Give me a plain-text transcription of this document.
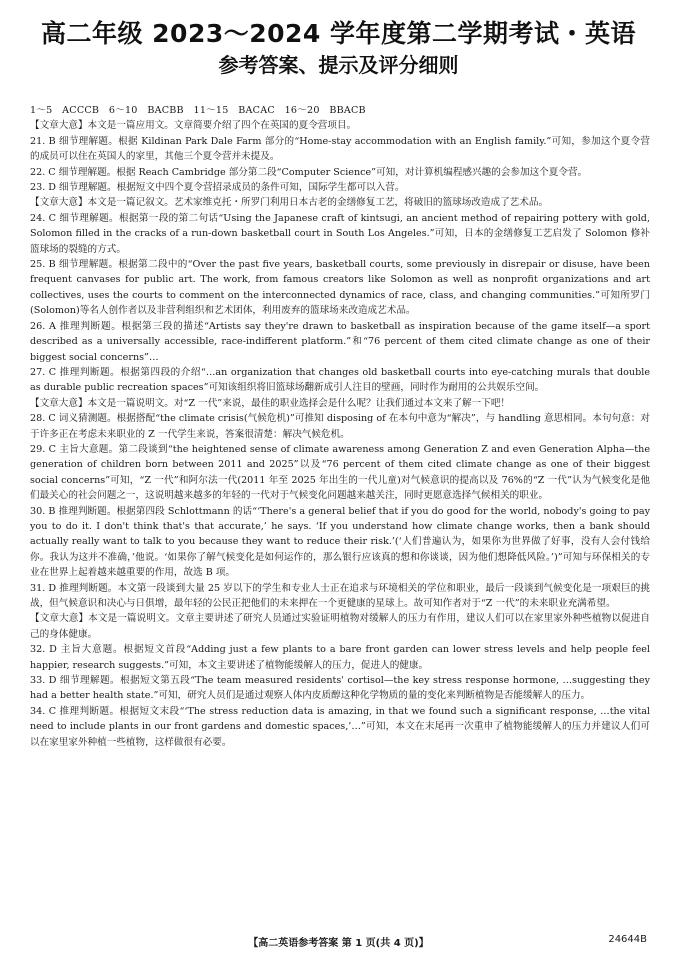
高二年级 2023～2024 学年度第二学期考试・英语
参考答案、提示及评分细则

1～5   ACCCB   6～10   BACBB   11～15   BACAC   16～20   BBACB

【文章大意】本文是一篇应用文。文章简要介绍了四个在英国的夏令营项目。

21. B 细节理解题。根据 Kildinan Park Dale Farm 部分的“Home-stay accommodation with an English family.”可知，参加这个夏令营的成员可以住在英国人的家里，其他三个夏令营并未提及。

22. C 细节理解题。根据 Reach Cambridge 部分第二段“Computer Science”可知，对计算机编程感兴趣的会参加这个夏令营。

23. D 细节理解题。根据短文中四个夏令营招录成员的条件可知，国际学生都可以入营。

【文章大意】本文是一篇记叙文。艺术家维克托・所罗门利用日本古老的金缮修复工艺，将破旧的篮球场改造成了艺术品。

24. C 细节理解题。根据第一段的第二句话“Using the Japanese craft of kintsugi, an ancient method of repairing pottery with gold, Solomon filled in the cracks of a run-down basketball court in South Los Angeles.”可知，日本的金缮修复工艺启发了 Solomon 修补篮球场的裂缝的方式。

25. B 细节理解题。根据第二段中的“Over the past five years, basketball courts, some previously in disrepair or disuse, have been frequent canvases for public art. The work, from famous creators like Solomon as well as nonprofit organizations and art collectives, uses the courts to comment on the interconnected dynamics of race, class, and changing communities.”可知所罗门(Solomon)等名人创作者以及非营利组织和艺术团体，利用废弃的篮球场来改造成艺术品。

26. A 推理判断题。根据第三段的描述“Artists say they're drawn to basketball as inspiration because of the game itself—a sport described as a universally accessible, race-indifferent platform.”和“76 percent of them cited climate change as one of their biggest social concerns”…

27. C 推理判断题。根据第四段的介绍“…an organization that changes old basketball courts into eye-catching murals that double as durable public recreation spaces”可知该组织将旧篮球场翻新成引人注目的壁画，同时作为耐用的公共娱乐空间。

【文章大意】本文是一篇说明文。对“Z 一代”来说，最佳的职业选择会是什么呢？让我们通过本文来了解一下吧！

28. C 词义猜测题。根据搭配“the climate crisis(气候危机)”可推知 disposing of 在本句中意为“解决”，与 handling 意思相同。本句句意：对于许多正在考虑未来职业的 Z 一代学生来说，答案很清楚：解决气候危机。

29. C 主旨大意题。第二段谈到“the heightened sense of climate awareness among Generation Z and even Generation Alpha—the generation of children born between 2011 and 2025”以及“76 percent of them cited climate change as one of their biggest social concerns”可知，“Z 一代”和阿尔法一代(2011 年至 2025 年出生的一代儿童)对气候意识的提高以及 76%的“Z 一代”认为气候变化是他们最关心的社会问题之一，这说明越来越多的年轻的一代对于气候变化问题越来越关注，同时更愿意选择气候相关的职业。

30. B 推理判断题。根据第四段 Schlottmann 的话“‘There's a general belief that if you do good for the world, nobody's going to pay you to do it. I don't think that's that accurate,’ he says. ‘If you understand how climate change works, then a bank should actually really want to talk to you because they want to reduce their risk.’(‘人们普遍认为，如果你为世界做了好事，没有人会付钱给你。我认为这并不准确，’他说。‘如果你了解气候变化是如何运作的，那么银行应该真的想和你谈谈，因为他们想降低风险。’)”可知与环保相关的专业在世界上起着越来越重要的作用，故选 B 项。

31. D 推理判断题。本文第一段谈到大量 25 岁以下的学生和专业人士正在追求与环境相关的学位和职业，最后一段谈到气候变化是一项艰巨的挑战，但气候意识和决心与日俱增，最年轻的公民正把他们的未来押在一个更健康的星球上。故可知作者对于“Z 一代”的未来职业充满希望。

【文章大意】本文是一篇说明文。文章主要讲述了研究人员通过实验证明植物对缓解人的压力有作用，建议人们可以在家里家外种些植物以促进自己的身体健康。

32. D 主旨大意题。根据短文首段“Adding just a few plants to a bare front garden can lower stress levels and help people feel happier, research suggests.”可知，本文主要讲述了植物能缓解人的压力，促进人的健康。

33. D 细节理解题。根据短文第五段“The team measured residents' cortisol—the key stress response hormone, …suggesting they had a better health state.”可知，研究人员们是通过观察人体内皮质醇这种化学物质的量的变化来判断植物是否能缓解人的压力。

34. C 推理判断题。根据短文末段“‘The stress reduction data is amazing, in that we found such a significant response, …the vital need to include plants in our front gardens and domestic spaces,’…”可知，本文在末尾再一次重申了植物能缓解人的压力并建议人们可以在家里家外种植一些植物，这样做很有必要。

【高二英语参考答案 第 1 页(共 4 页)】	24644B
